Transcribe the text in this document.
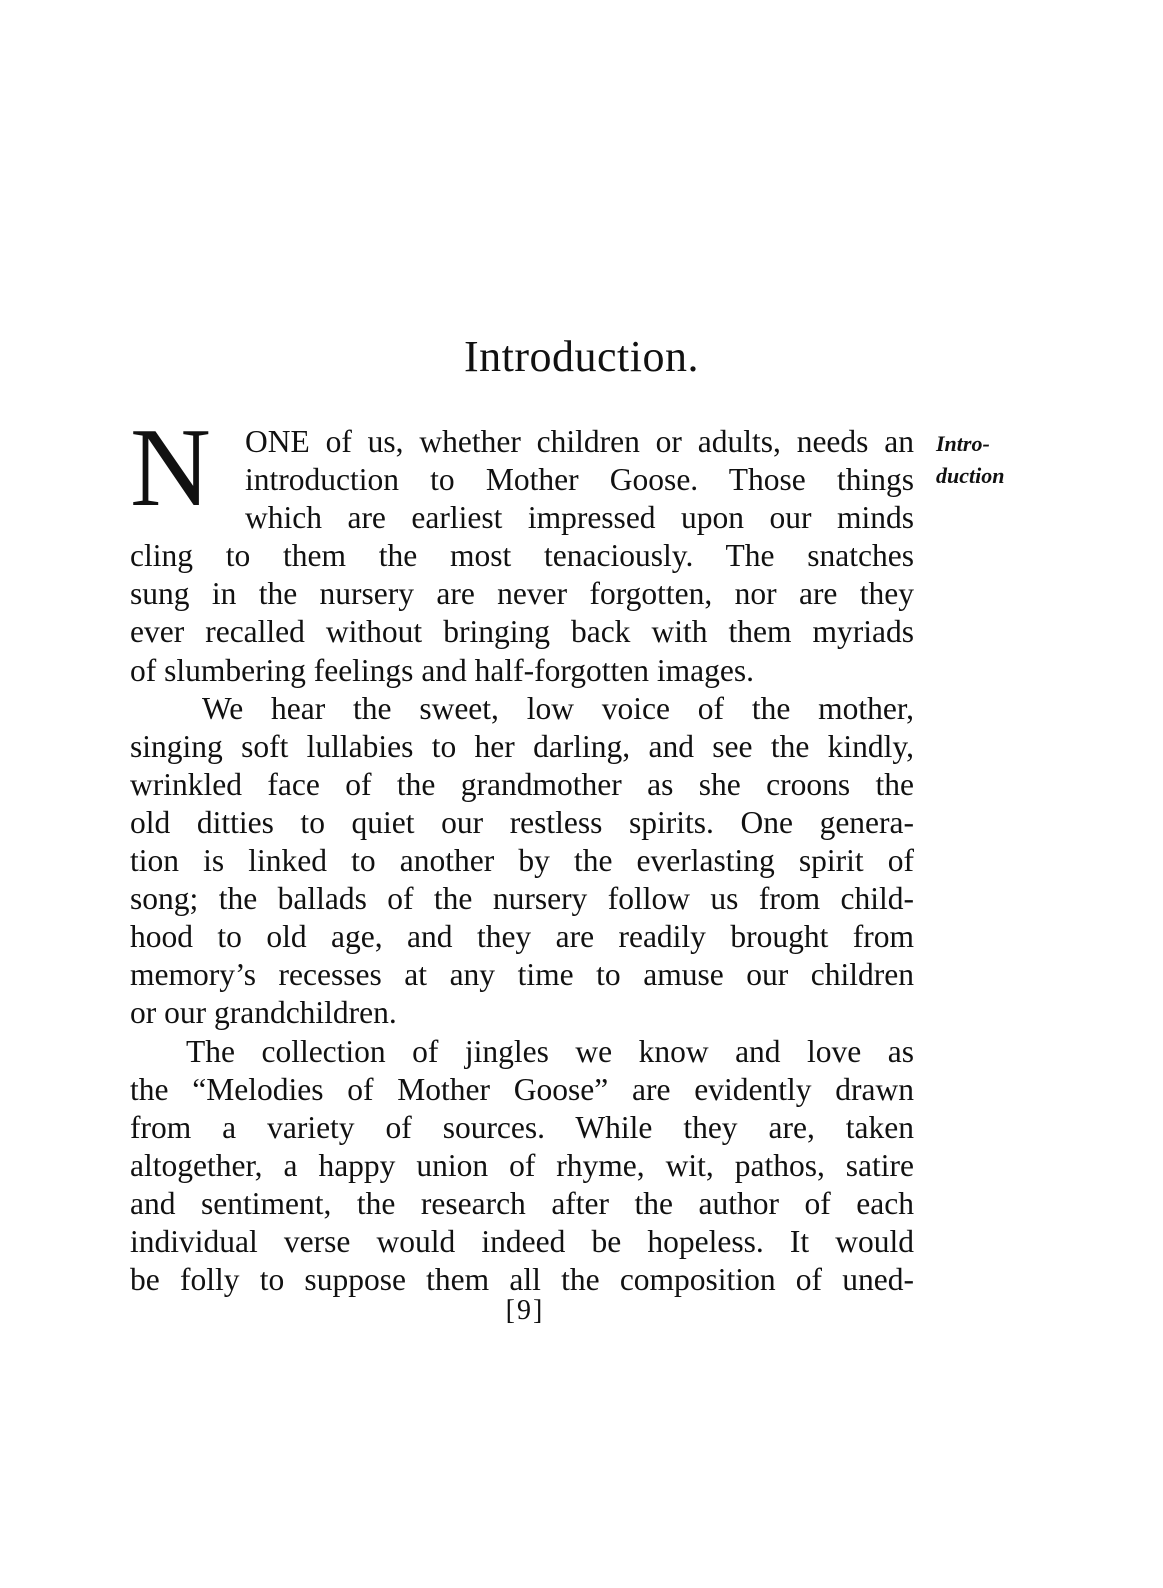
Introduction.
N	Intro-
duction
ONE of us, whether children or adults, needs an
introduction to Mother Goose. Those things
which are earliest impressed upon our minds
cling to them the most tenaciously. The snatches
sung in the nursery are never forgotten, nor are they
ever recalled without bringing back with them myriads
of slumbering feelings and half-forgotten images.
We hear the sweet, low voice of the mother,
singing soft lullabies to her darling, and see the kindly,
wrinkled face of the grandmother as she croons the
old ditties to quiet our restless spirits. One genera-
tion is linked to another by the everlasting spirit of
song; the ballads of the nursery follow us from child-
hood to old age, and they are readily brought from
memory’s recesses at any time to amuse our children
or our grandchildren.
The collection of jingles we know and love as
the “Melodies of Mother Goose” are evidently drawn
from a variety of sources. While they are, taken
altogether, a happy union of rhyme, wit, pathos, satire
and sentiment, the research after the author of each
individual verse would indeed be hopeless. It would
be folly to suppose them all the composition of uned-
[9]
